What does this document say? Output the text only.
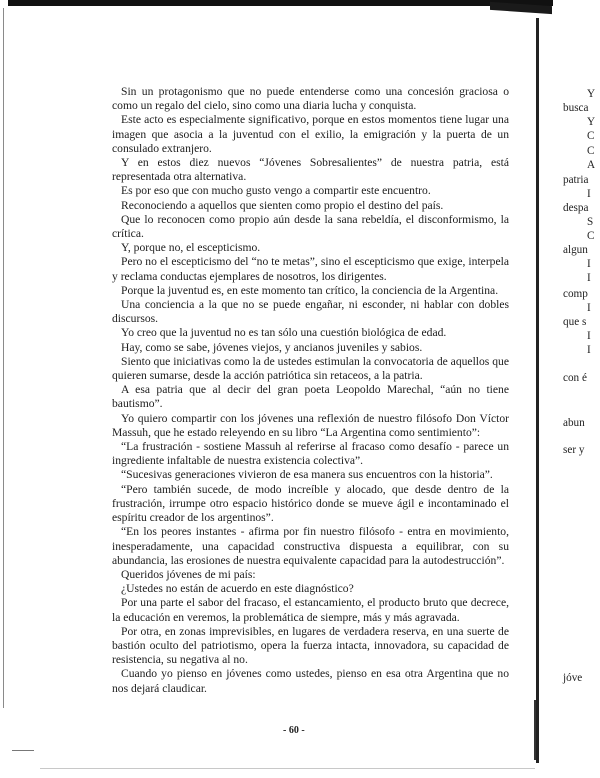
Sin un protagonismo que no puede entenderse como una concesión graciosa o como un regalo del cielo, sino como una diaria lucha y conquista.

Este acto es especialmente significativo, porque en estos momentos tiene lugar una imagen que asocia a la juventud con el exilio, la emigración y la puerta de un consulado extranjero.

Y en estos diez nuevos “Jóvenes Sobresalientes” de nuestra patria, está representada otra alternativa.

Es por eso que con mucho gusto vengo a compartir este encuentro.

Reconociendo a aquellos que sienten como propio el destino del país.

Que lo reconocen como propio aún desde la sana rebeldía, el disconformismo, la crítica.

Y, porque no, el escepticismo.

Pero no el escepticismo del “no te metas”, sino el escepticismo que exige, interpela y reclama conductas ejemplares de nosotros, los dirigentes.

Porque la juventud es, en este momento tan crítico, la conciencia de la Argentina.

Una conciencia a la que no se puede engañar, ni esconder, ni hablar con dobles discursos.

Yo creo que la juventud no es tan sólo una cuestión biológica de edad.

Hay, como se sabe, jóvenes viejos, y ancianos juveniles y sabios.

Siento que iniciativas como la de ustedes estimulan la convocatoria de aquellos que quieren sumarse, desde la acción patriótica sin retaceos, a la patria.

A esa patria que al decir del gran poeta Leopoldo Marechal, “aún no tiene bautismo”.

Yo quiero compartir con los jóvenes una reflexión de nuestro filósofo Don Víctor Massuh, que he estado releyendo en su libro “La Argentina como sentimiento”:

“La frustración - sostiene Massuh al referirse al fracaso como desafío - parece un ingrediente infaltable de nuestra existencia colectiva”.

“Sucesivas generaciones vivieron de esa manera sus encuentros con la historia”.

“Pero también sucede, de modo increíble y alocado, que desde dentro de la frustración, irrumpe otro espacio histórico donde se mueve ágil e incontaminado el espíritu creador de los argentinos”.

“En los peores instantes - afirma por fin nuestro filósofo - entra en movimiento, inesperadamente, una capacidad constructiva dispuesta a equilibrar, con su abundancia, las erosiones de nuestra equivalente capacidad para la autodestrucción”.

Queridos jóvenes de mi país:

¿Ustedes no están de acuerdo en este diagnóstico?

Por una parte el sabor del fracaso, el estancamiento, el producto bruto que decrece, la educación en veremos, la problemática de siempre, más y más agravada.

Por otra, en zonas imprevisibles, en lugares de verdadera reserva, en una suerte de bastión oculto del patriotismo, opera la fuerza intacta, innovadora, su capacidad de resistencia, su negativa al no.

Cuando yo pienso en jóvenes como ustedes, pienso en esa otra Argentina que no nos dejará claudicar.

- 60 -
Y
busca
Y
C
C
A
patria
I
despa
S
C
algun
I
I
comp
I
que s
I
I
con é
abun
ser y
jóve
